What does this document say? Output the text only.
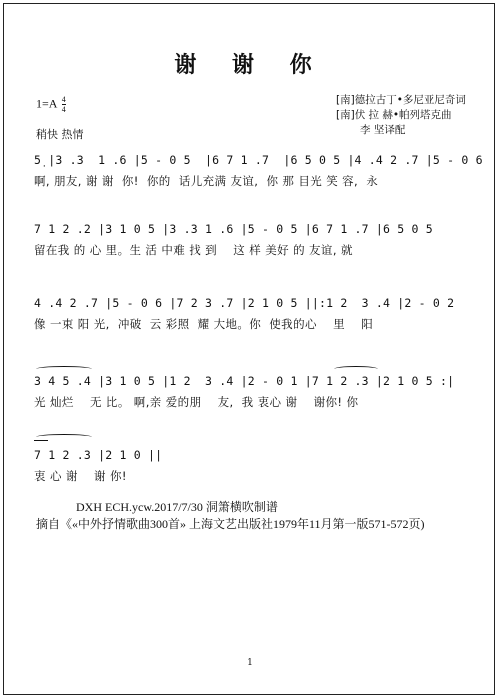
谢 谢 你
$1=A \frac{4}{4}$	[南]德拉古丁•多尼亚尼奇词
[南]伏 拉 赫•帕列塔克曲
李 坚译配
稍快 热情
5̣ |3 .3  1 .6 |5 - 0 5  |6 7 1 .7  |6 5 0 5 |4 .4 2 .7 |5 - 0 6
啊, 朋友, 谢 谢  你!  你的  话儿充满 友谊,  你 那 目光 笑 容,  永
7 1 2 .2 |3 1 0 5 |3 .3 1 .6 |5 - 0 5 |6 7 1 .7 |6 5 0 5
留在我 的 心 里。生 活 中难 找 到    这 样 美好 的 友谊, 就
4 .4 2 .7 |5 - 0 6 |7 2 3 .7 |2 1 0 5 ||:1 2  3 .4 |2 - 0 2
像 一束 阳 光,  冲破  云 彩照  耀 大地。你  使我的心    里    阳
3 4 5 .4 |3 1 0 5 |1 2  3 .4 |2 - 0 1 |7 1 2 .3 |2 1 0 5 :|
光 灿烂    无 比。 啊,亲 爱的朋    友,  我 衷心 谢    谢你! 你
7 1 2 .3 |2 1 0 ||
衷 心 谢    谢 你!
DXH ECH.ycw.2017/7/30 洞箫横吹制谱
摘自《«中外抒情歌曲300首» 上海文艺出版社1979年11月第一版571-572页)
1
